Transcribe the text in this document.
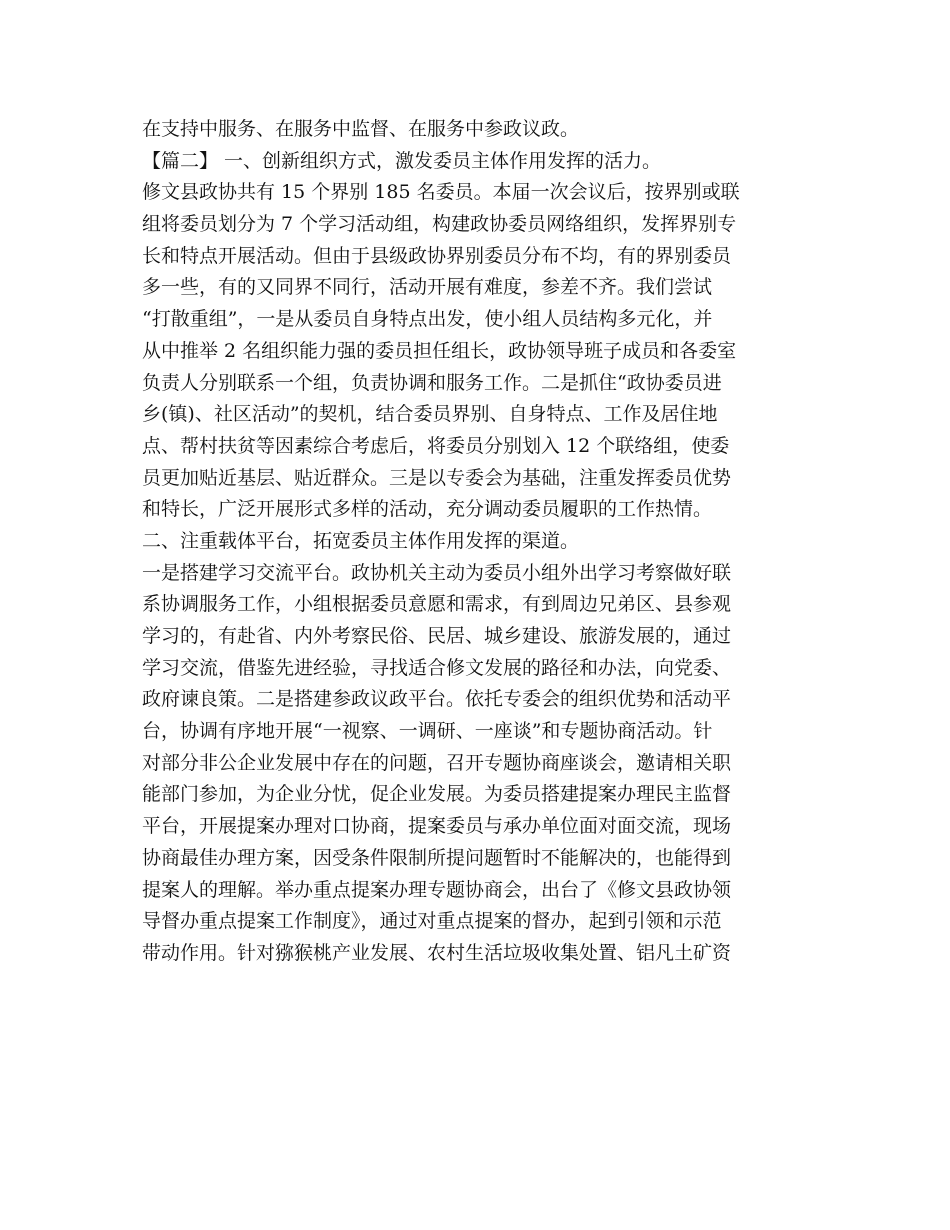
在支持中服务、在服务中监督、在服务中参政议政。
【篇二】 一、创新组织方式，激发委员主体作用发挥的活力。
修文县政协共有 15 个界别 185 名委员。本届一次会议后，按界别或联
组将委员划分为 7 个学习活动组，构建政协委员网络组织，发挥界别专
长和特点开展活动。但由于县级政协界别委员分布不均，有的界别委员
多一些，有的又同界不同行，活动开展有难度，参差不齐。我们尝试
“打散重组”，一是从委员自身特点出发，使小组人员结构多元化，并
从中推举 2 名组织能力强的委员担任组长，政协领导班子成员和各委室
负责人分别联系一个组，负责协调和服务工作。二是抓住“政协委员进
乡(镇)、社区活动”的契机，结合委员界别、自身特点、工作及居住地
点、帮村扶贫等因素综合考虑后，将委员分别划入 12 个联络组，使委
员更加贴近基层、贴近群众。三是以专委会为基础，注重发挥委员优势
和特长，广泛开展形式多样的活动，充分调动委员履职的工作热情。
二、注重载体平台，拓宽委员主体作用发挥的渠道。
一是搭建学习交流平台。政协机关主动为委员小组外出学习考察做好联
系协调服务工作，小组根据委员意愿和需求，有到周边兄弟区、县参观
学习的，有赴省、内外考察民俗、民居、城乡建设、旅游发展的，通过
学习交流，借鉴先进经验，寻找适合修文发展的路径和办法，向党委、
政府谏良策。二是搭建参政议政平台。依托专委会的组织优势和活动平
台，协调有序地开展“一视察、一调研、一座谈”和专题协商活动。针
对部分非公企业发展中存在的问题，召开专题协商座谈会，邀请相关职
能部门参加，为企业分忧，促企业发展。为委员搭建提案办理民主监督
平台，开展提案办理对口协商，提案委员与承办单位面对面交流，现场
协商最佳办理方案，因受条件限制所提问题暂时不能解决的，也能得到
提案人的理解。举办重点提案办理专题协商会，出台了《修文县政协领
导督办重点提案工作制度》，通过对重点提案的督办，起到引领和示范
带动作用。针对猕猴桃产业发展、农村生活垃圾收集处置、铝凡土矿资
